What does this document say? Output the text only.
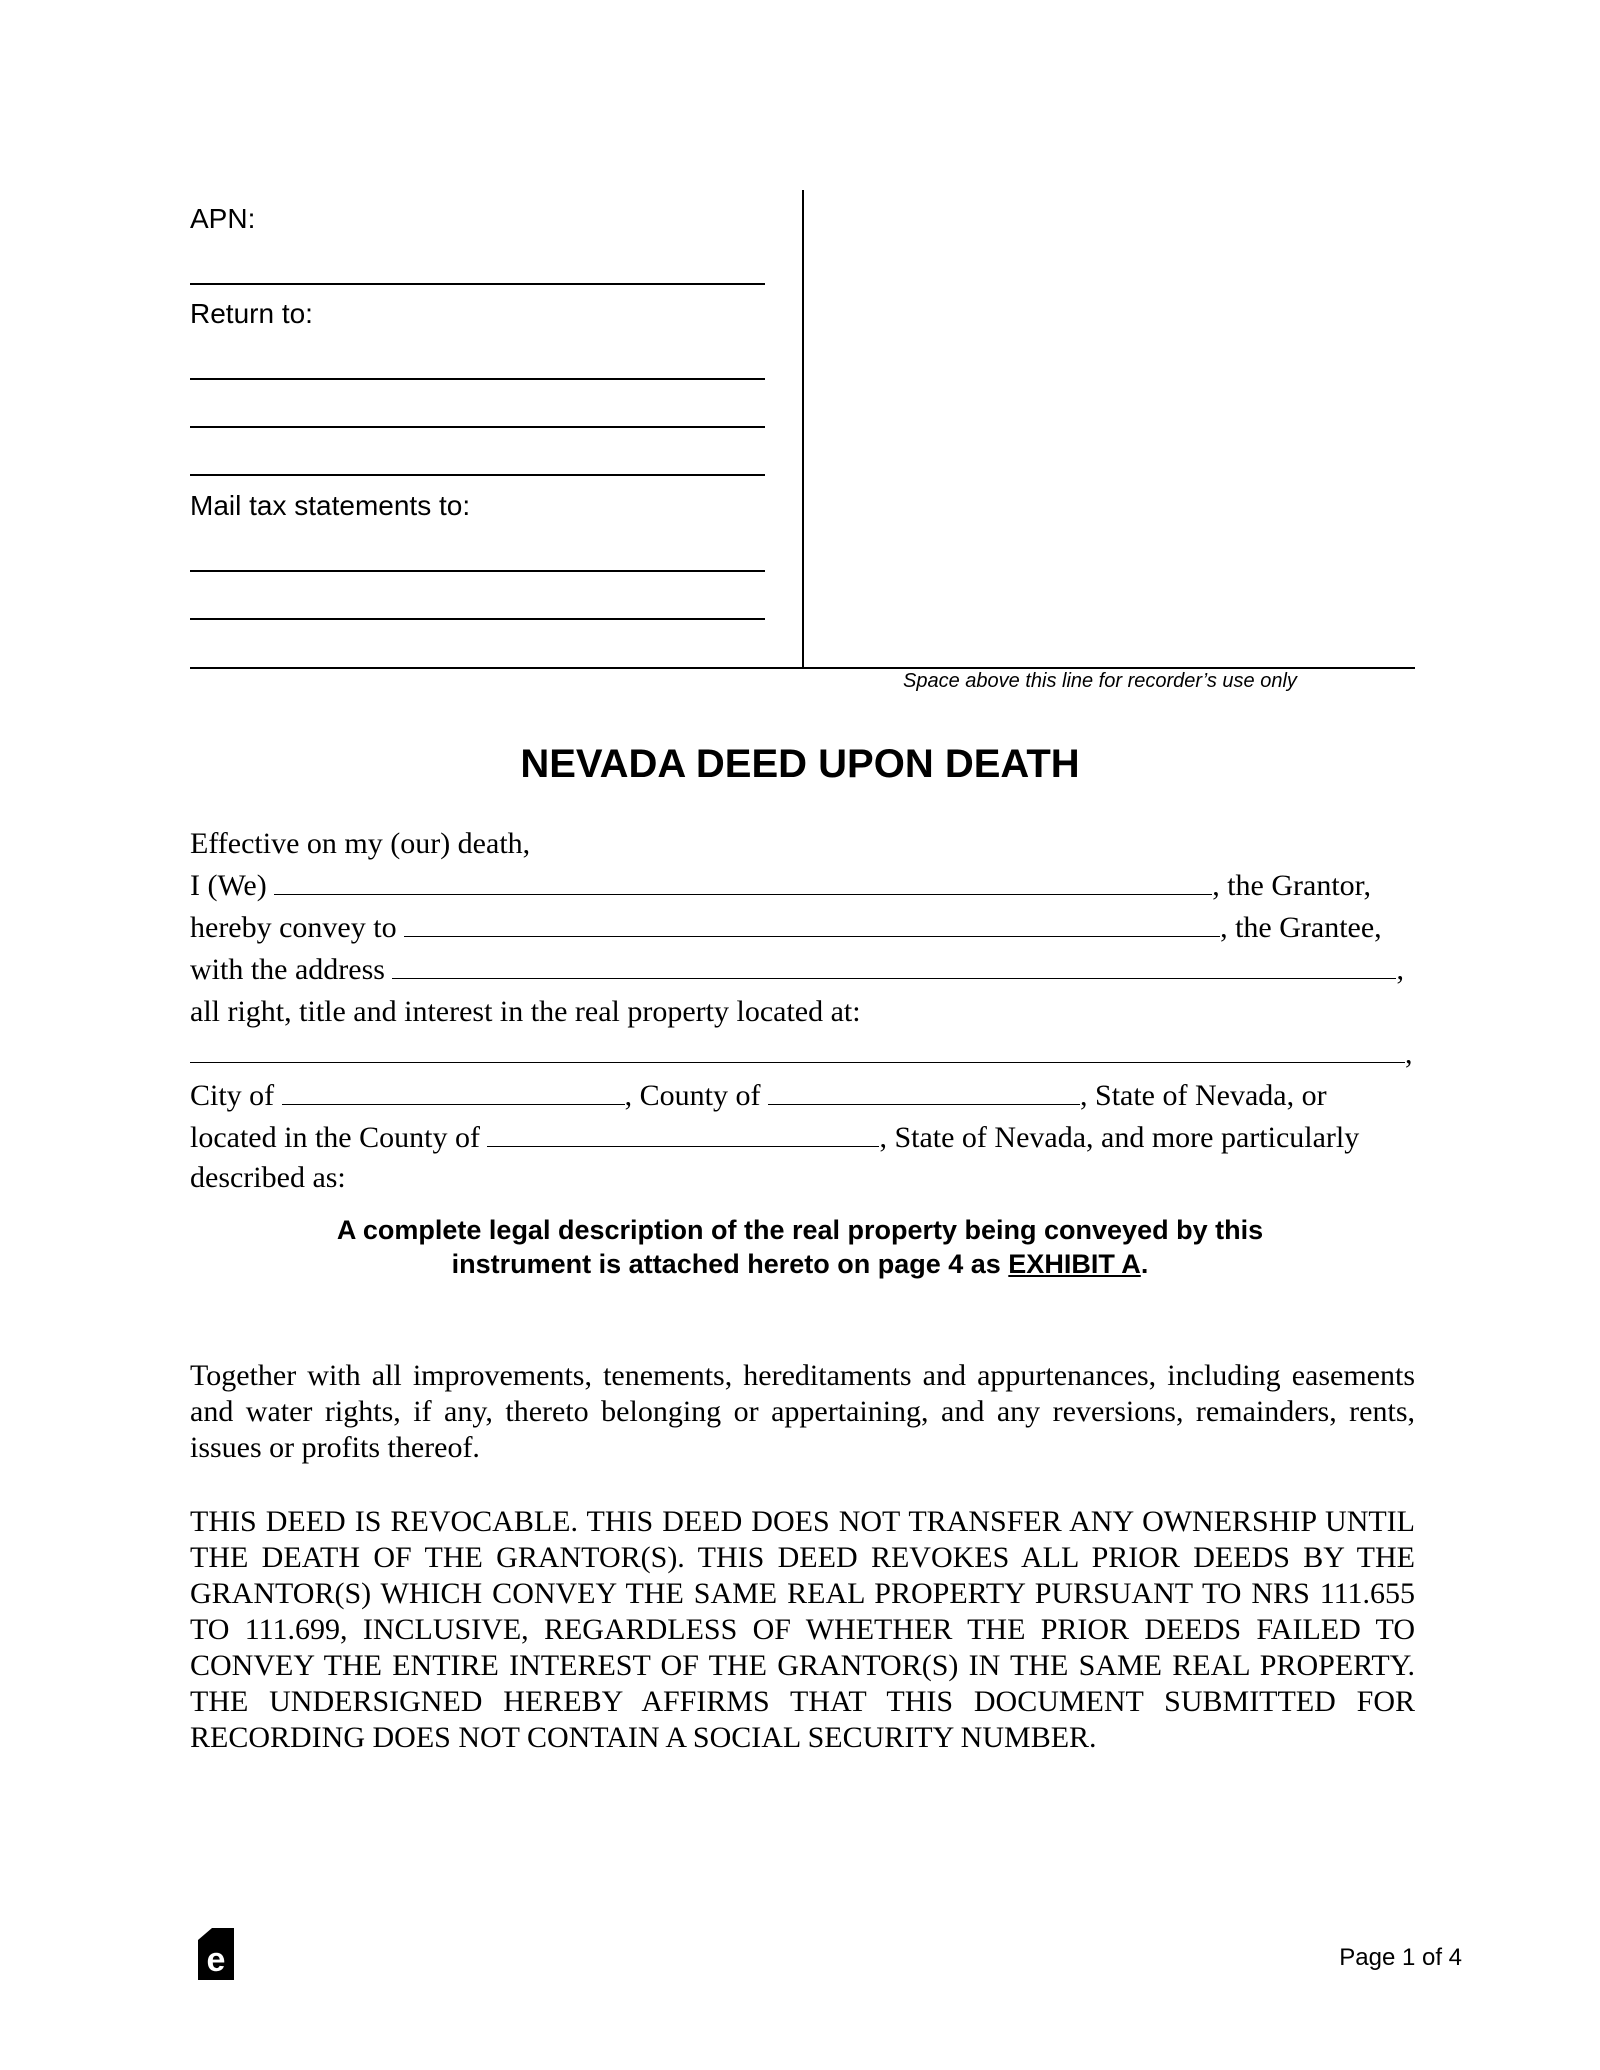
APN:
Return to:
Mail tax statements to:
Space above this line for recorder’s use only
NEVADA DEED UPON DEATH
Effective on my (our) death,
I (We)	, the Grantor,
hereby convey to	, the Grantee,
with the address	,
all right, title and interest in the real property located at:
,
City of	, County of	, State of Nevada, or
located in the County of	, State of Nevada, and more particularly
described as:
A complete legal description of the real property being conveyed by this
instrument is attached hereto on page 4 as EXHIBIT A.
Together with all improvements, tenements, hereditaments and appurtenances, including easements and water rights, if any, thereto belonging or appertaining, and any reversions, remainders, rents, issues or profits thereof.
THIS DEED IS REVOCABLE. THIS DEED DOES NOT TRANSFER ANY OWNERSHIP UNTIL THE DEATH OF THE GRANTOR(S). THIS DEED REVOKES ALL PRIOR DEEDS BY THE GRANTOR(S) WHICH CONVEY THE SAME REAL PROPERTY PURSUANT TO NRS 111.655 TO 111.699, INCLUSIVE, REGARDLESS OF WHETHER THE PRIOR DEEDS FAILED TO CONVEY THE ENTIRE INTEREST OF THE GRANTOR(S) IN THE SAME REAL PROPERTY. THE UNDERSIGNED HEREBY AFFIRMS THAT THIS DOCUMENT SUBMITTED FOR RECORDING DOES NOT CONTAIN A SOCIAL SECURITY NUMBER.
e	Page 1 of 4
